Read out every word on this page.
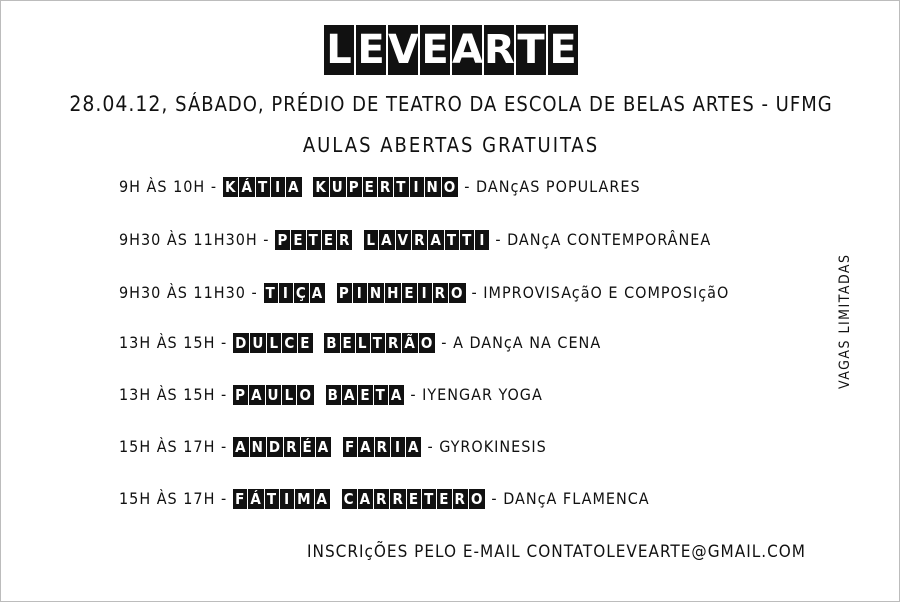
L E V E A R T E
28.04.12, SÁBADO, PRÉDIO DE TEATRO DA ESCOLA DE BELAS ARTES - UFMG
AULAS ABERTAS GRATUITAS
9H ÀS 10H - K Á T I A
K U P E R T I N O - DANçAS POPULARES
9H30 ÀS 11H30H - P E T E R
L A V R A T T I - DANçA CONTEMPORÂNEA
9H30 ÀS 11H30 - T I Ç A
P I N H E I R O - IMPROVISAçãO E COMPOSIçãO
13H ÀS 15H - D U L C E
B E L T R Ã O - A DANçA NA CENA
13H ÀS 15H - P A U L O
B A E T A - IYENGAR YOGA
15H ÀS 17H - A N D R É A
F A R I A - GYROKINESIS
15H ÀS 17H - F Á T I M A
C A R R E T E R O - DANçA FLAMENCA
VAGAS LIMITADAS
INSCRIçÕES PELO E-MAIL CONTATOLEVEARTE@GMAIL.COM
